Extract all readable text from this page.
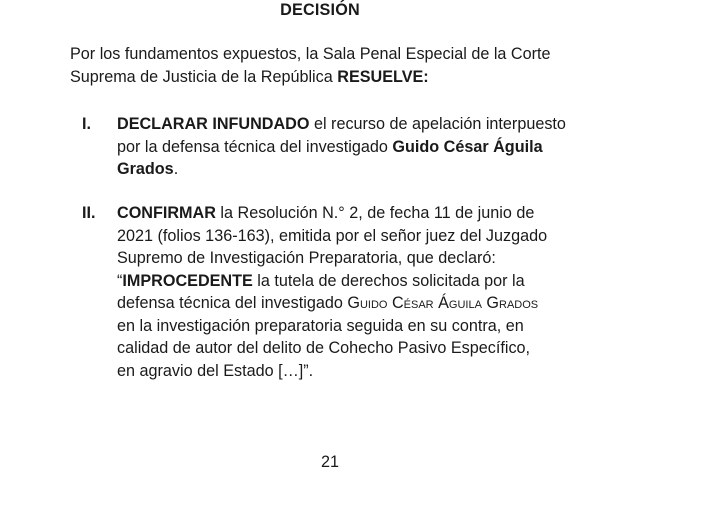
DECISIÓN
Por los fundamentos expuestos, la Sala Penal Especial de la Corte
Suprema de Justicia de la República RESUELVE:
I. DECLARAR INFUNDADO el recurso de apelación interpuesto
por la defensa técnica del investigado Guido César Águila
Grados.
II. CONFIRMAR la Resolución N.° 2, de fecha 11 de junio de
2021 (folios 136-163), emitida por el señor juez del Juzgado
Supremo de Investigación Preparatoria, que declaró:
“IMPROCEDENTE la tutela de derechos solicitada por la
defensa técnica del investigado Guido César Águila Grados
en la investigación preparatoria seguida en su contra, en
calidad de autor del delito de Cohecho Pasivo Específico,
en agravio del Estado […]”.
21
